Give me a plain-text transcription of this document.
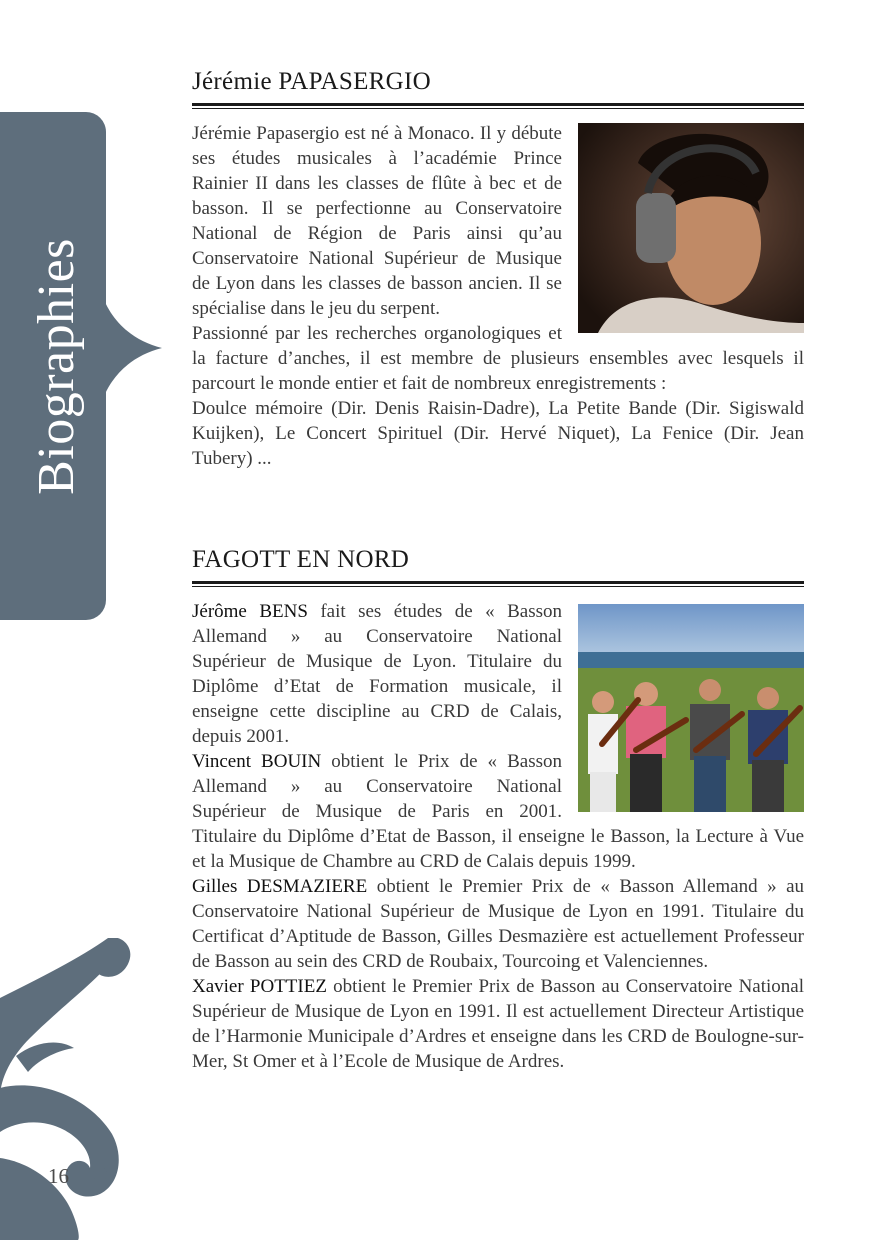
Biographies
16
Jérémie PAPASERGIO

Jérémie Papasergio est né à Monaco. Il y débute ses études musicales à l’académie Prince Rainier II dans les classes de flûte à bec et de basson. Il se perfectionne au Conservatoire National de Région de Paris ainsi qu’au Conservatoire National Supérieur de Musique de Lyon dans les classes de basson ancien. Il se spécialise dans le jeu du serpent.

Passionné par les recherches organologiques et la facture d’anches, il est membre de plusieurs ensembles avec lesquels il parcourt le monde entier et fait de nombreux enregistrements :

Doulce mémoire (Dir. Denis Raisin-Dadre), La Petite Bande (Dir. Sigiswald Kuijken), Le Concert Spirituel (Dir. Hervé Niquet), La Fenice (Dir. Jean Tubery) ...

FAGOTT EN NORD

Jérôme BENS fait ses études de « Basson Allemand » au Conservatoire National Supérieur de Musique de Lyon. Titulaire du Diplôme d’Etat de Formation musicale, il enseigne cette discipline au CRD de Calais, depuis 2001.

Vincent BOUIN obtient le Prix de « Basson Allemand » au Conservatoire National Supérieur de Musique de Paris en 2001. Titulaire du Diplôme d’Etat de Basson, il enseigne le Basson, la Lecture à Vue et la Musique de Chambre au CRD de Calais depuis 1999.

Gilles DESMAZIERE obtient le Premier Prix de « Basson Allemand » au Conservatoire National Supérieur de Musique de Lyon en 1991. Titulaire du Certificat d’Aptitude de Basson, Gilles Desmazière est actuellement Professeur de Basson au sein des CRD de Roubaix, Tourcoing et Valenciennes.

Xavier POTTIEZ obtient le Premier Prix de Basson au Conservatoire National Supérieur de Musique de Lyon en 1991. Il est actuellement Directeur Artistique de l’Harmonie Municipale d’Ardres et enseigne dans les CRD de Boulogne-sur-Mer, St Omer et à l’Ecole de Musique de Ardres.
